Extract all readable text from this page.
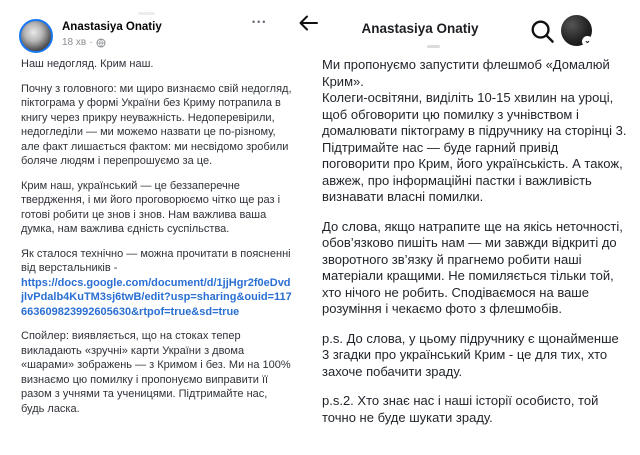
Anastasiya Onatiy
18 хв ·
•••

Наш недогляд. Крим наш.

Почну з головного: ми щиро визнаємо свій недогляд, піктограма у формі України без Криму потрапила в книгу через прикру неуважність. Недоперевірили, недогледіли — ми можемо назвати це по-різному, але факт лишається фактом: ми несвідомо зробили боляче людям і перепрошуємо за це.

Крим наш, український — це беззаперечне твердження, і ми його проговорюємо чітко ще раз і готові робити це знов і знов. Нам важлива ваша думка, нам важлива єдність суспільства.

Як сталося технічно — можна прочитати в поясненні від верстальників -

https://docs.google.com/document/d/1jjHgr2f0eDvdjlvPdalb4KuTM3sj6twB/edit?usp=sharing&ouid=117663609823992605630&rtpof=true&sd=true

Спойлер: виявляється, що на стоках тепер викладають «зручні» карти України з двома «шарами» зображень — з Кримом і без. Ми на 100% визнаємо цю помилку і пропонуємо виправити її разом з учнями та ученицями. Підтримайте нас, будь ласка.

Anastasiya Onatiy
⌄

Ми пропонуємо запустити флешмоб «Домалюй Крим».

Колеги-освітяни, виділіть 10-15 хвилин на уроці, щоб обговорити цю помилку з учнівством і домалювати піктограму в підручнику на сторінці 3. Підтримайте нас — буде гарний привід поговорити про Крим, його українськість. А також, авжеж, про інформаційні пастки і важливість визнавати власні помилки.

До слова, якщо натрапите ще на якісь неточності, обов’язково пишіть нам — ми завжди відкриті до зворотного зв’язку й прагнемо робити наші матеріали кращими. Не помиляється тільки той, хто нічого не робить. Сподіваємося на ваше розуміння і чекаємо фото з флешмобів.

p.s. До слова, у цьому підручнику є щонайменше 3 згадки про український Крим - це для тих, хто захоче побачити зраду.

p.s.2. Хто знає нас і наші історії особисто, той точно не буде шукати зраду.
